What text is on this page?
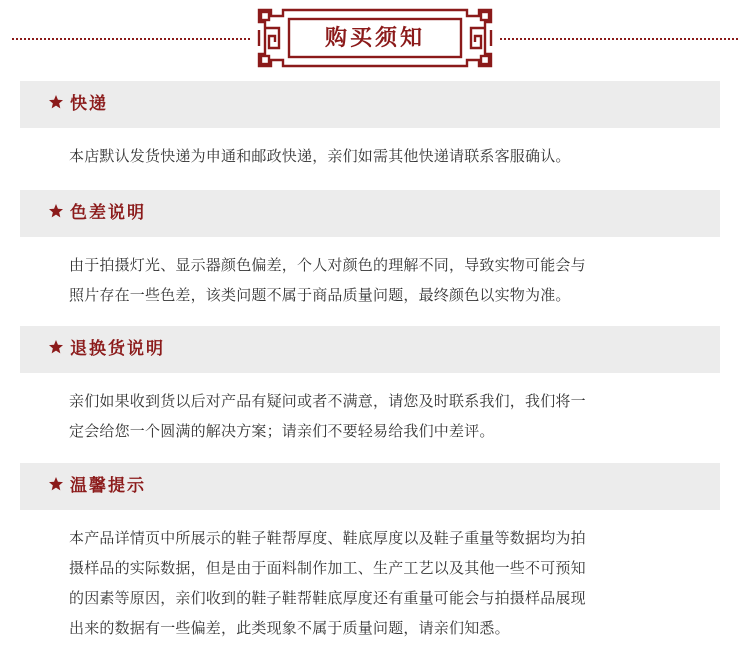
购买须知
快递

本店默认发货快递为申通和邮政快递，亲们如需其他快递请联系客服确认。

色差说明

由于拍摄灯光、显示器颜色偏差，个人对颜色的理解不同，导致实物可能会与

照片存在一些色差，该类问题不属于商品质量问题，最终颜色以实物为准。

退换货说明

亲们如果收到货以后对产品有疑问或者不满意，请您及时联系我们，我们将一

定会给您一个圆满的解决方案；请亲们不要轻易给我们中差评。

温馨提示

本产品详情页中所展示的鞋子鞋帮厚度、鞋底厚度以及鞋子重量等数据均为拍

摄样品的实际数据，但是由于面料制作加工、生产工艺以及其他一些不可预知

的因素等原因，亲们收到的鞋子鞋帮鞋底厚度还有重量可能会与拍摄样品展现

出来的数据有一些偏差，此类现象不属于质量问题，请亲们知悉。
